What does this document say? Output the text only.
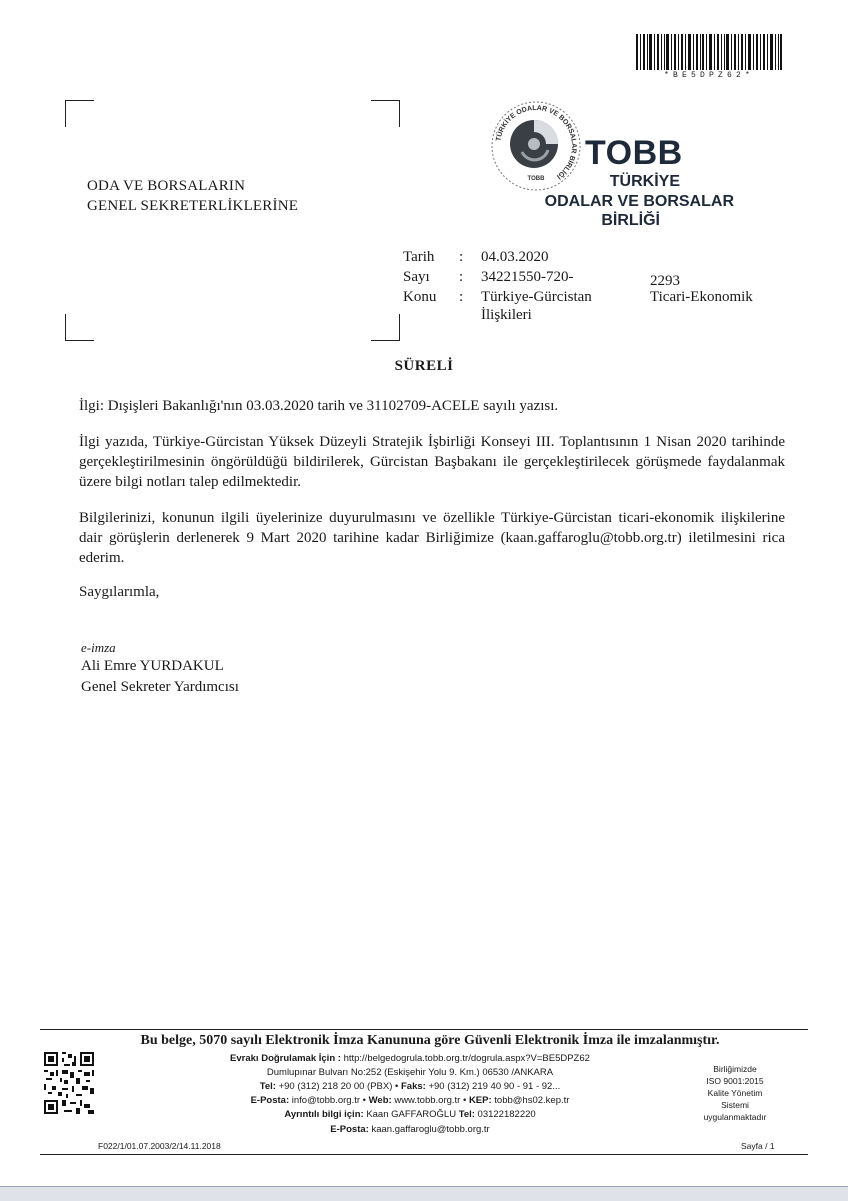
*BE5DPZ62*
TÜRKİYE ODALAR VE BORSALAR BİRLİĞİ
TOBB
TOBB
TÜRKİYE
ODALAR VE BORSALAR
BİRLİĞİ
ODA VE BORSALARIN
GENEL SEKRETERLİKLERİNE
Tarih	: 04.03.2020
Sayı	: 34221550-720-	2293
Konu	: Türkiye-Gürcistan
İlişkileri
Ticari-Ekonomik
SÜRELİ
İlgi: Dışişleri Bakanlığı'nın 03.03.2020 tarih ve 31102709-ACELE sayılı yazısı.
İlgi yazıda, Türkiye-Gürcistan Yüksek Düzeyli Stratejik İşbirliği Konseyi III. Toplantısının 1 Nisan 2020 tarihinde gerçekleştirilmesinin öngörüldüğü bildirilerek, Gürcistan Başbakanı ile gerçekleştirilecek görüşmede faydalanmak üzere bilgi notları talep edilmektedir.
Bilgilerinizi, konunun ilgili üyelerinize duyurulmasını ve özellikle Türkiye-Gürcistan ticari-ekonomik ilişkilerine dair görüşlerin derlenerek 9 Mart 2020 tarihine kadar Birliğimize (kaan.gaffaroglu@tobb.org.tr) iletilmesini rica ederim.
Saygılarımla,
e-imza
Ali Emre YURDAKUL
Genel Sekreter Yardımcısı
Bu belge, 5070 sayılı Elektronik İmza Kanununa göre Güvenli Elektronik İmza ile imzalanmıştır.
Evrakı Doğrulamak İçin : http://belgedogrula.tobb.org.tr/dogrula.aspx?V=BE5DPZ62
Dumlupınar Bulvarı No:252 (Eskişehir Yolu 9. Km.) 06530 /ANKARA
Tel: +90 (312) 218 20 00 (PBX) • Faks: +90 (312) 219 40 90 - 91 - 92...
E-Posta: info@tobb.org.tr • Web: www.tobb.org.tr • KEP: tobb@hs02.kep.tr
Ayrıntılı bilgi için: Kaan GAFFAROĞLU Tel: 03122182220
E-Posta: kaan.gaffaroglu@tobb.org.tr
Birliğimizde
ISO 9001:2015
Kalite Yönetim
Sistemi
uygulanmaktadır
F022/1/01.07.2003/2/14.11.2018	Sayfa / 1
